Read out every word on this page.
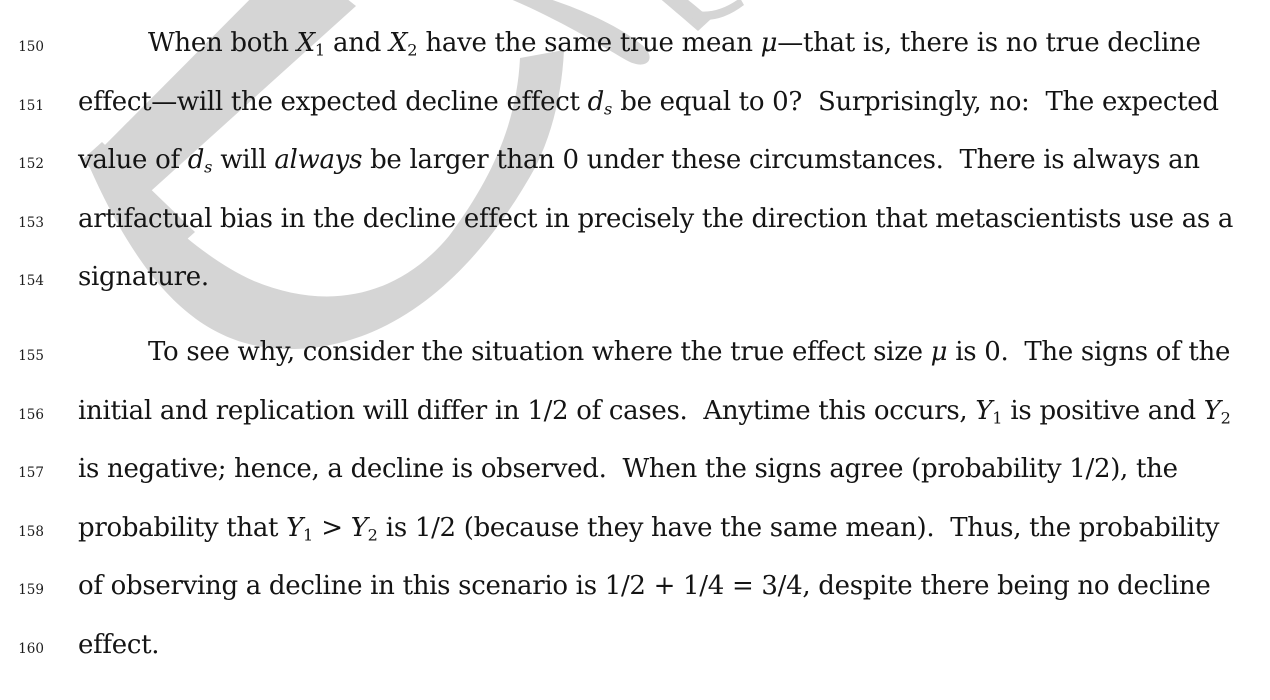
150	When both $X_1$ and $X_2$ have the same true mean μ—that is, there is no true decline
151 effect—will the expected decline effect $d_s$ be equal to 0?  Surprisingly, no:  The expected
152 value of $d_s$ will always be larger than 0 under these circumstances.  There is always an
153 artifactual bias in the decline effect in precisely the direction that metascientists use as a
154 signature.
155	To see why, consider the situation where the true effect size μ is 0.  The signs of the
156 initial and replication will differ in 1/2 of cases.  Anytime this occurs, $Y_1$ is positive and $Y_2$
157 is negative; hence, a decline is observed.  When the signs agree (probability 1/2), the
158 probability that $Y_1 > Y_2$ is 1/2 (because they have the same mean).  Thus, the probability
159 of observing a decline in this scenario is 1/2 + 1/4 = 3/4, despite there being no decline
160 effect.
